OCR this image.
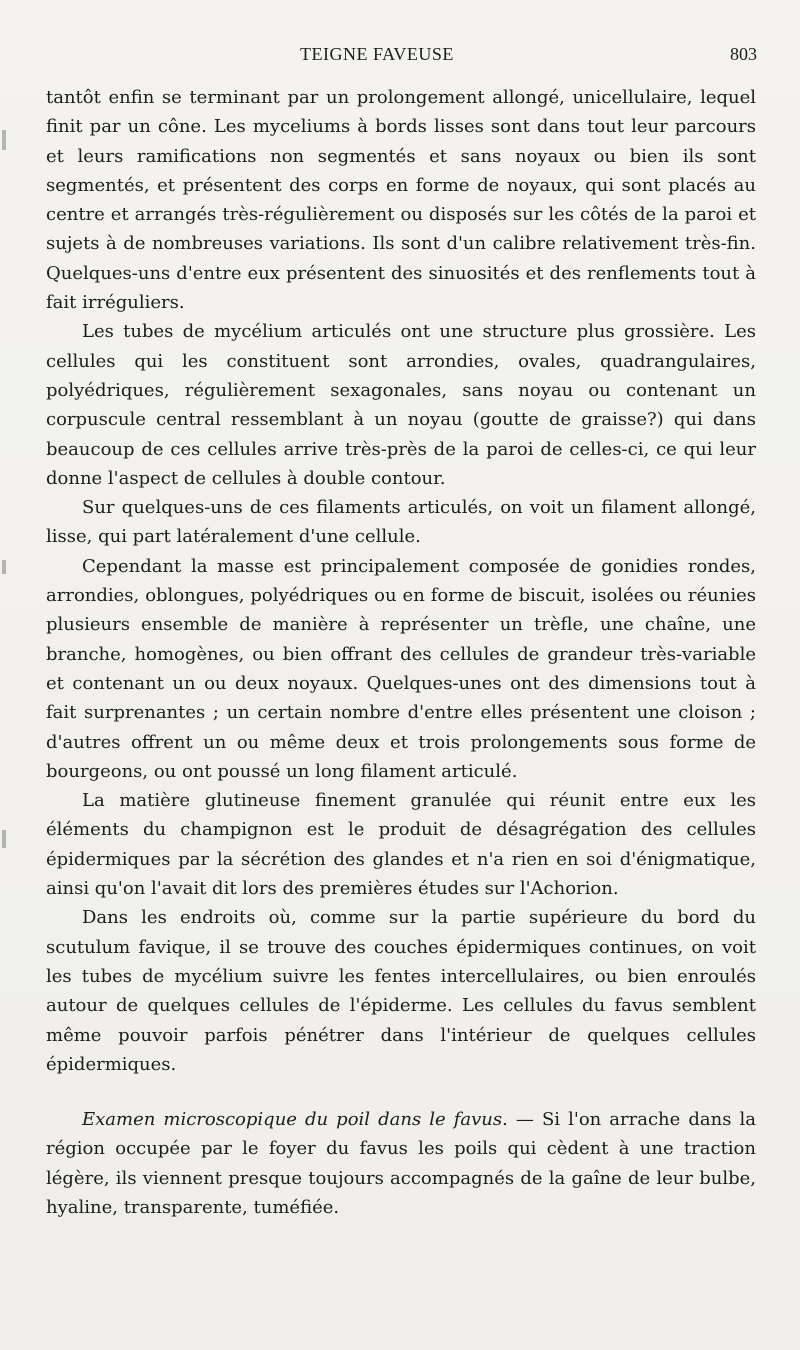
TEIGNE FAVEUSE	803

tantôt enfin se terminant par un prolongement allongé, unicellulaire, lequel finit par un cône. Les myceliums à bords lisses sont dans tout leur parcours et leurs ramifications non segmentés et sans noyaux ou bien ils sont segmentés, et présentent des corps en forme de noyaux, qui sont placés au centre et arrangés très-régulièrement ou disposés sur les côtés de la paroi et sujets à de nombreuses variations. Ils sont d'un calibre relativement très-fin. Quelques-uns d'entre eux présentent des sinuosités et des renflements tout à fait irréguliers.

Les tubes de mycélium articulés ont une structure plus grossière. Les cellules qui les constituent sont arrondies, ovales, quadrangulaires, polyédriques, régulièrement sexagonales, sans noyau ou contenant un corpuscule central ressemblant à un noyau (goutte de graisse?) qui dans beaucoup de ces cellules arrive très-près de la paroi de celles-ci, ce qui leur donne l'aspect de cellules à double contour.

Sur quelques-uns de ces filaments articulés, on voit un filament allongé, lisse, qui part latéralement d'une cellule.

Cependant la masse est principalement composée de gonidies rondes, arrondies, oblongues, polyédriques ou en forme de biscuit, isolées ou réunies plusieurs ensemble de manière à représenter un trèfle, une chaîne, une branche, homogènes, ou bien offrant des cellules de grandeur très-variable et contenant un ou deux noyaux. Quelques-unes ont des dimensions tout à fait surprenantes ; un certain nombre d'entre elles présentent une cloison ; d'autres offrent un ou même deux et trois prolongements sous forme de bourgeons, ou ont poussé un long filament articulé.

La matière glutineuse finement granulée qui réunit entre eux les éléments du champignon est le produit de désagrégation des cellules épidermiques par la sécrétion des glandes et n'a rien en soi d'énigmatique, ainsi qu'on l'avait dit lors des premières études sur l'Achorion.

Dans les endroits où, comme sur la partie supérieure du bord du scutulum favique, il se trouve des couches épidermiques continues, on voit les tubes de mycélium suivre les fentes intercellulaires, ou bien enroulés autour de quelques cellules de l'épiderme. Les cellules du favus semblent même pouvoir parfois pénétrer dans l'intérieur de quelques cellules épidermiques.

Examen microscopique du poil dans le favus. — Si l'on arrache dans la région occupée par le foyer du favus les poils qui cèdent à une traction légère, ils viennent presque toujours accompagnés de la gaîne de leur bulbe, hyaline, transparente, tuméfiée.
